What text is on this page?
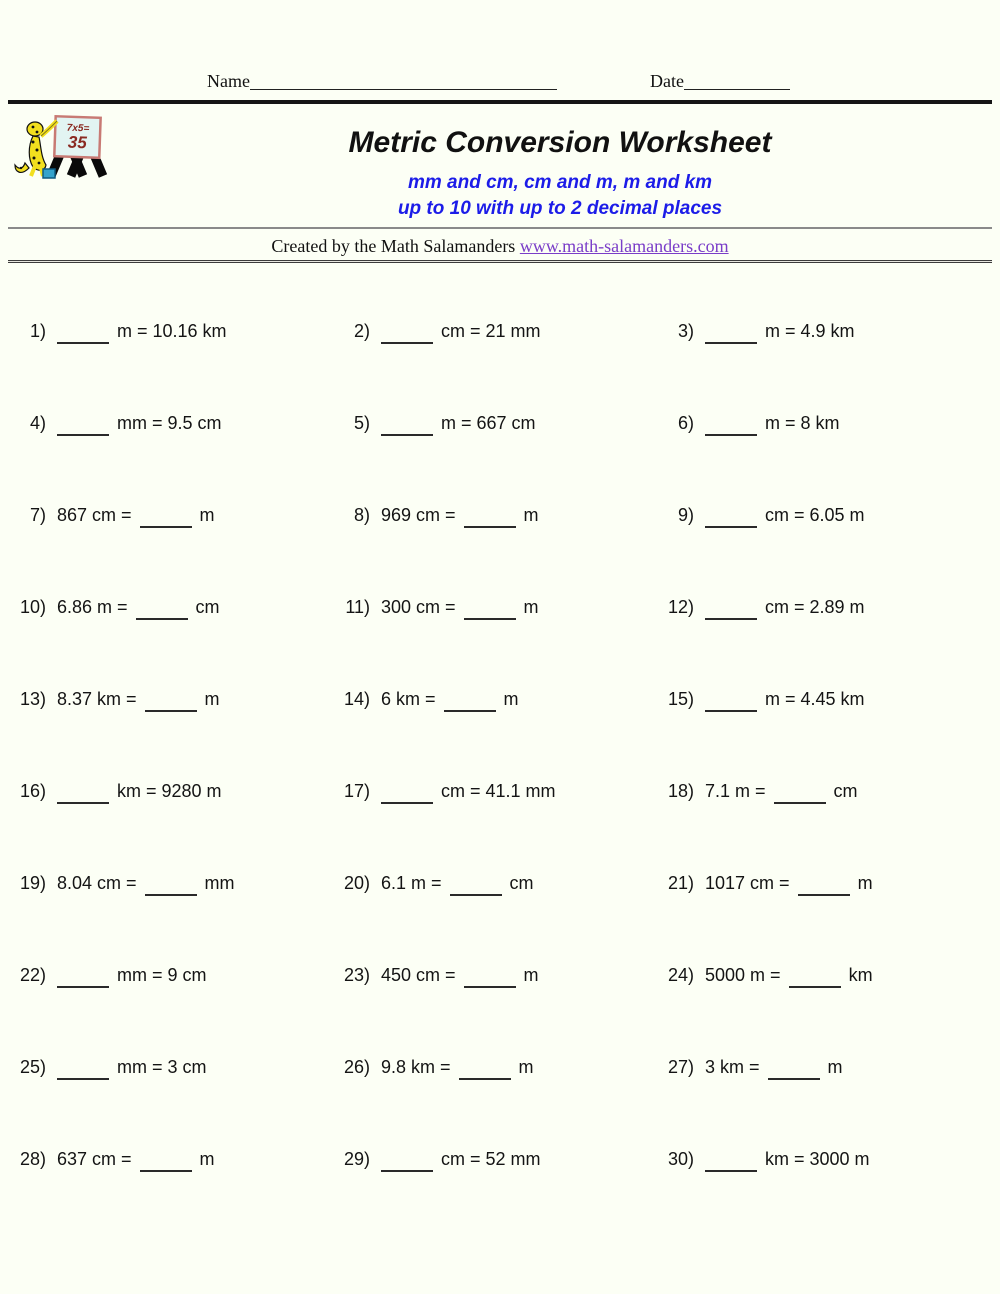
Name	Date
7x5=
35	Metric Conversion Worksheet
mm and cm, cm and m, m and km
up to 10 with up to 2 decimal places
Created by the Math Salamanders www.math-salamanders.com
1)	m = 10.16 km	2)	cm = 21 mm	3)	m = 4.9 km
4)	mm = 9.5 cm	5)	m = 667 cm	6)	m = 8 km
7) 867 cm =	m	8) 969 cm =	m	9)	cm = 6.05 m
10) 6.86 m =	cm	11) 300 cm =	m	12)	cm = 2.89 m
13) 8.37 km =	m	14) 6 km =	m	15)	m = 4.45 km
16)	km = 9280 m	17)	cm = 41.1 mm	18) 7.1 m =	cm
19) 8.04 cm =	mm	20) 6.1 m =	cm	21) 1017 cm =	m
22)	mm = 9 cm	23) 450 cm =	m	24) 5000 m =	km
25)	mm = 3 cm	26) 9.8 km =	m	27) 3 km =	m
28) 637 cm =	m	29)	cm = 52 mm	30)	km = 3000 m
